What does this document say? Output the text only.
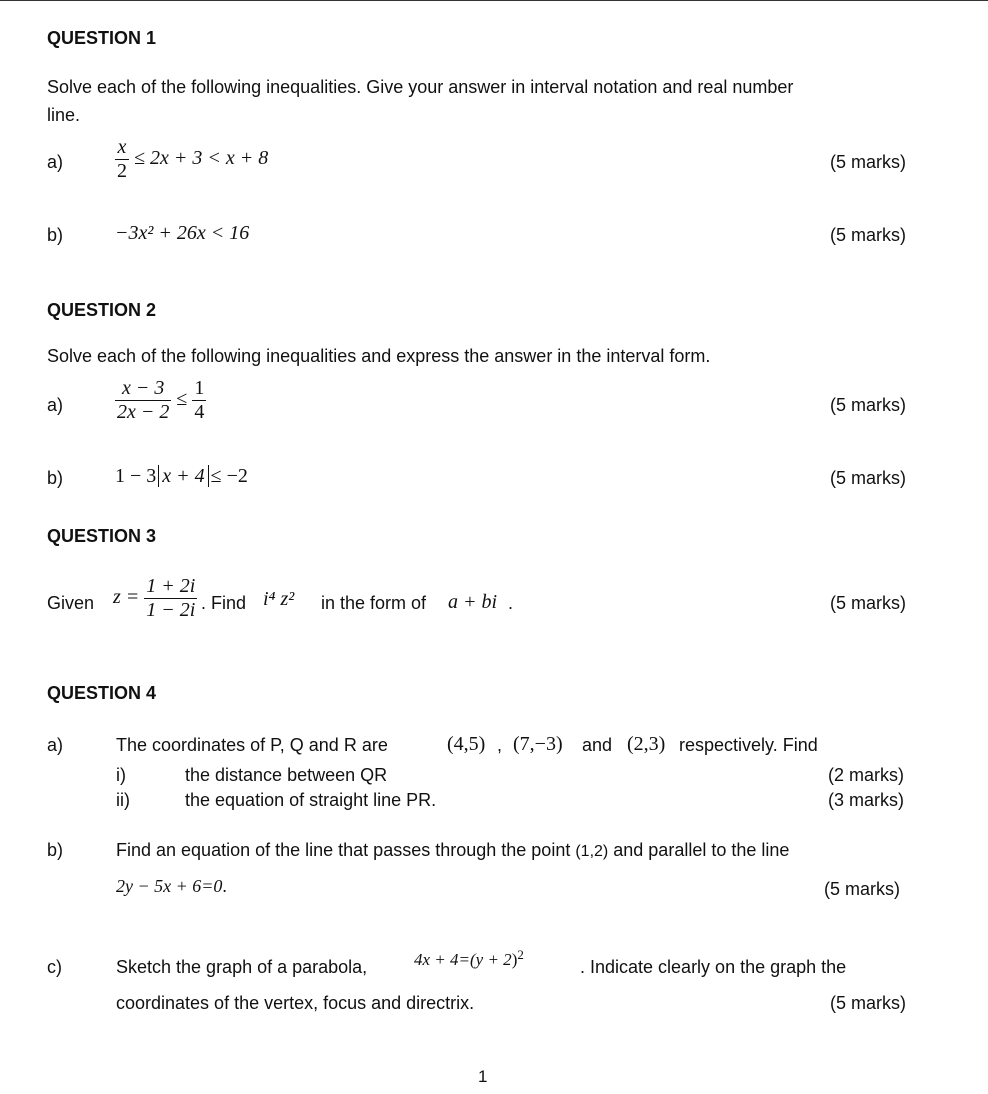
QUESTION 1
Solve each of the following inequalities. Give your answer in interval notation and real number
line.
a)	$\frac{x}{2} \le 2x + 3 < x + 8$	(5 marks)
b)	−3x² + 26x < 16	(5 marks)
QUESTION 2
Solve each of the following inequalities and express the answer in the interval form.
a)	$\frac{x - 3}{2x - 2} \le \frac{1}{4}$	(5 marks)
b)	1 − 3 x + 4 ≤ −2	(5 marks)
QUESTION 3
Given $z = \frac{1 + 2i}{1 - 2i}$ . Find i⁴ z² in the form of a + bi .	(5 marks)
QUESTION 4
a)	The coordinates of P, Q and R are	(4,5) , (7,−3) and (2,3) respectively. Find
i)	the distance between QR	(2 marks)
ii)	the equation of straight line PR.	(3 marks)
b)	Find an equation of the line that passes through the point (1,2) and parallel to the line
2y − 5x + 6=0.	(5 marks)
c)	Sketch the graph of a parabola,	$4x + 4=(y + 2)^2$
. Indicate clearly on the graph the
coordinates of the vertex, focus and directrix.	(5 marks)
1
